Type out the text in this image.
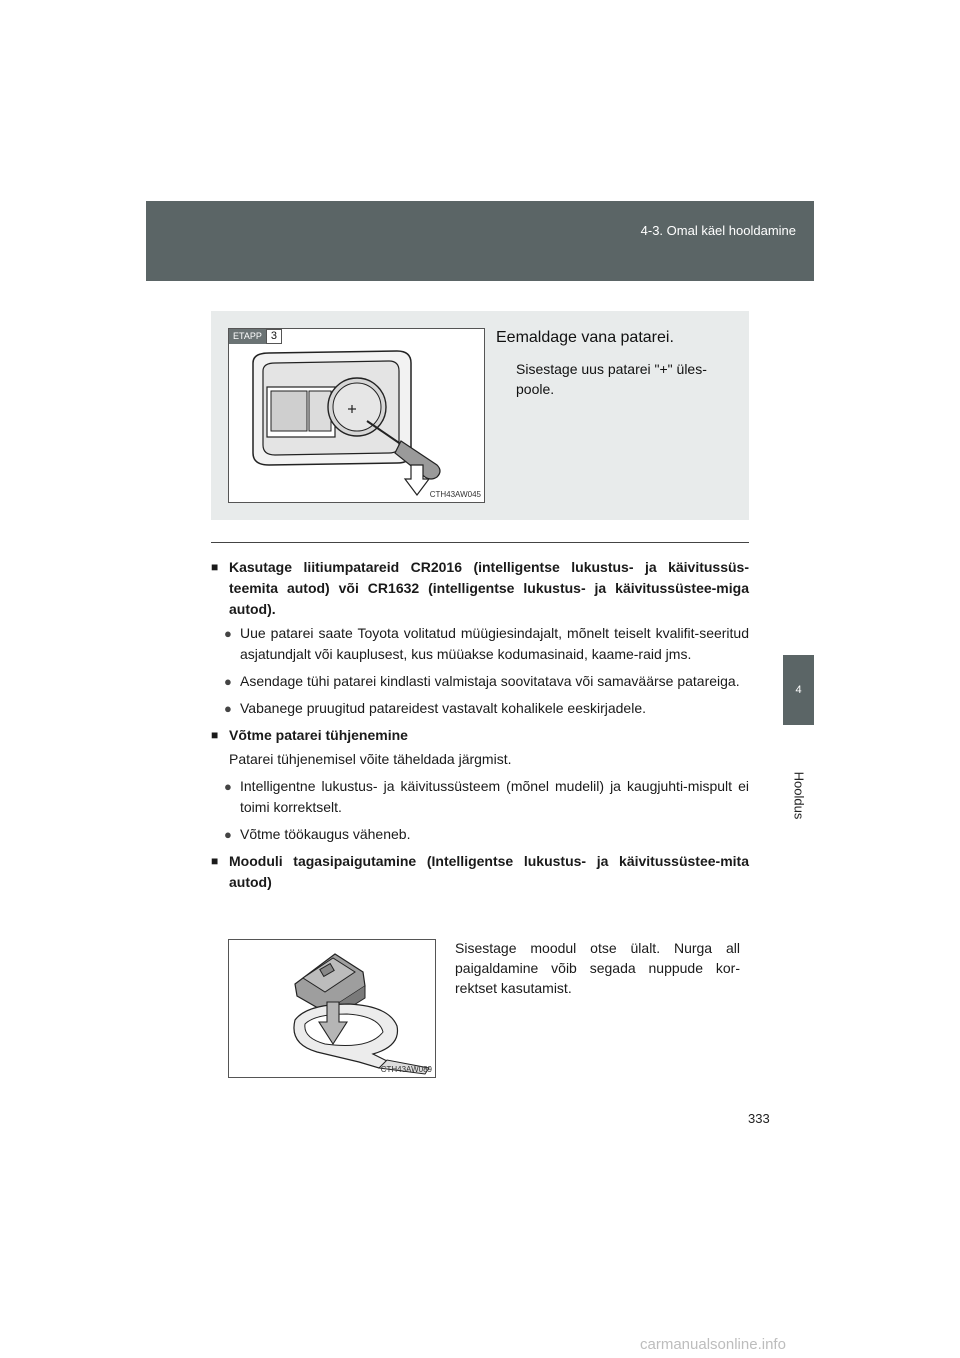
4-3. Omal käel hooldamine
4
Hooldus
ETAPP 3
CTH43AW045
Eemaldage vana patarei.
Sisestage uus patarei "+" üles-poole.
■ Kasutage liitiumpatareid CR2016 (intelligentse lukustus- ja käivitussüs-teemita autod) või CR1632 (intelligentse lukustus- ja käivitussüstee-miga autod).
● Uue patarei saate Toyota volitatud müügiesindajalt, mõnelt teiselt kvalifit-seeritud asjatundjalt või kauplusest, kus müüakse kodumasinaid, kaame-raid jms.
● Asendage tühi patarei kindlasti valmistaja soovitatava või samaväärse patareiga.
● Vabanege pruugitud patareidest vastavalt kohalikele eeskirjadele.
■ Võtme patarei tühjenemine
Patarei tühjenemisel võite täheldada järgmist.
● Intelligentne lukustus- ja käivitussüsteem (mõnel mudelil) ja kaugjuhti-mispult ei toimi korrektselt.
● Võtme töökaugus väheneb.
■ Mooduli tagasipaigutamine (Intelligentse lukustus- ja käivitussüstee-mita autod)
CTH43AW089
Sisestage moodul otse ülalt. Nurga all paigaldamine võib segada nuppude kor-rektset kasutamist.
333
carmanualsonline.info
